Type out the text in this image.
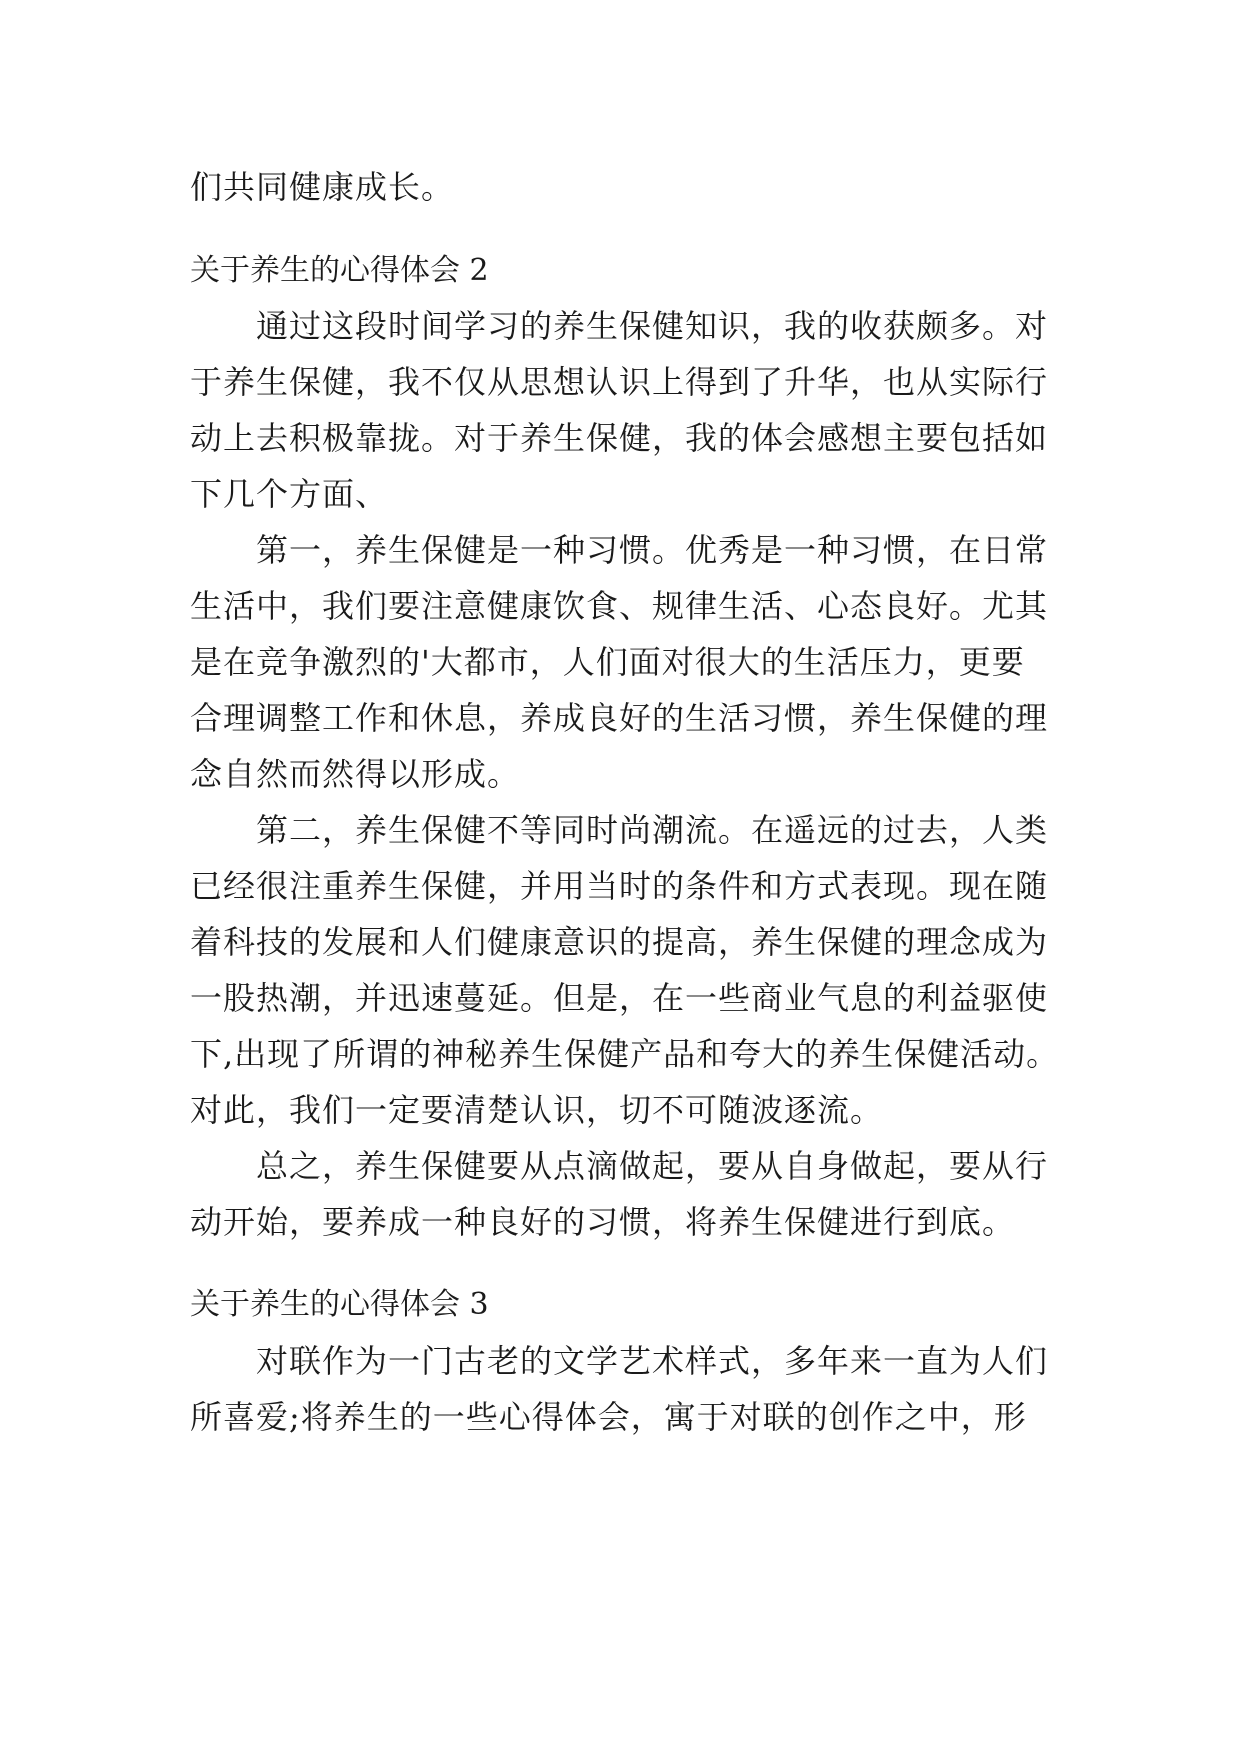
们共同健康成长。
关于养生的心得体会 2
通过这段时间学习的养生保健知识，我的收获颇多。对
于养生保健，我不仅从思想认识上得到了升华，也从实际行
动上去积极靠拢。对于养生保健，我的体会感想主要包括如
下几个方面、
第一，养生保健是一种习惯。优秀是一种习惯，在日常
生活中，我们要注意健康饮食、规律生活、心态良好。尤其
是在竞争激烈的'大都市，人们面对很大的生活压力，更要
合理调整工作和休息，养成良好的生活习惯，养生保健的理
念自然而然得以形成。
第二，养生保健不等同时尚潮流。在遥远的过去，人类
已经很注重养生保健，并用当时的条件和方式表现。现在随
着科技的发展和人们健康意识的提高，养生保健的理念成为
一股热潮，并迅速蔓延。但是，在一些商业气息的利益驱使
下,出现了所谓的神秘养生保健产品和夸大的养生保健活动。
对此，我们一定要清楚认识，切不可随波逐流。
总之，养生保健要从点滴做起，要从自身做起，要从行
动开始，要养成一种良好的习惯，将养生保健进行到底。
关于养生的心得体会 3
对联作为一门古老的文学艺术样式，多年来一直为人们
所喜爱;将养生的一些心得体会，寓于对联的创作之中，形
